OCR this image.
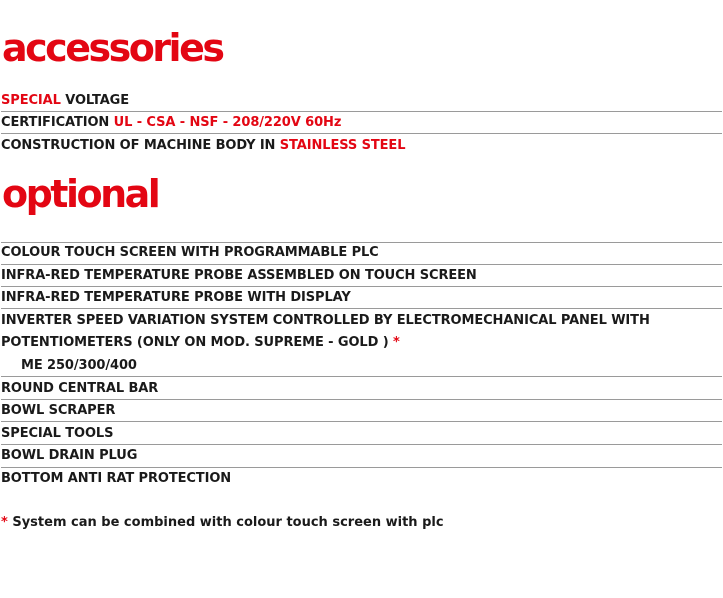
accessories
SPECIAL VOLTAGE
CERTIFICATION UL - CSA - NSF - 208/220V 60Hz
CONSTRUCTION OF MACHINE BODY IN STAINLESS STEEL
optional
COLOUR TOUCH SCREEN WITH PROGRAMMABLE PLC
INFRA-RED TEMPERATURE PROBE ASSEMBLED ON TOUCH SCREEN
INFRA-RED TEMPERATURE PROBE WITH DISPLAY
INVERTER SPEED VARIATION SYSTEM CONTROLLED BY ELECTROMECHANICAL PANEL WITH
POTENTIOMETERS (ONLY ON MOD. SUPREME - GOLD ) *
ME 250/300/400
ROUND CENTRAL BAR
BOWL SCRAPER
SPECIAL TOOLS
BOWL DRAIN PLUG
BOTTOM ANTI RAT PROTECTION
* System can be combined with colour touch screen with plc
